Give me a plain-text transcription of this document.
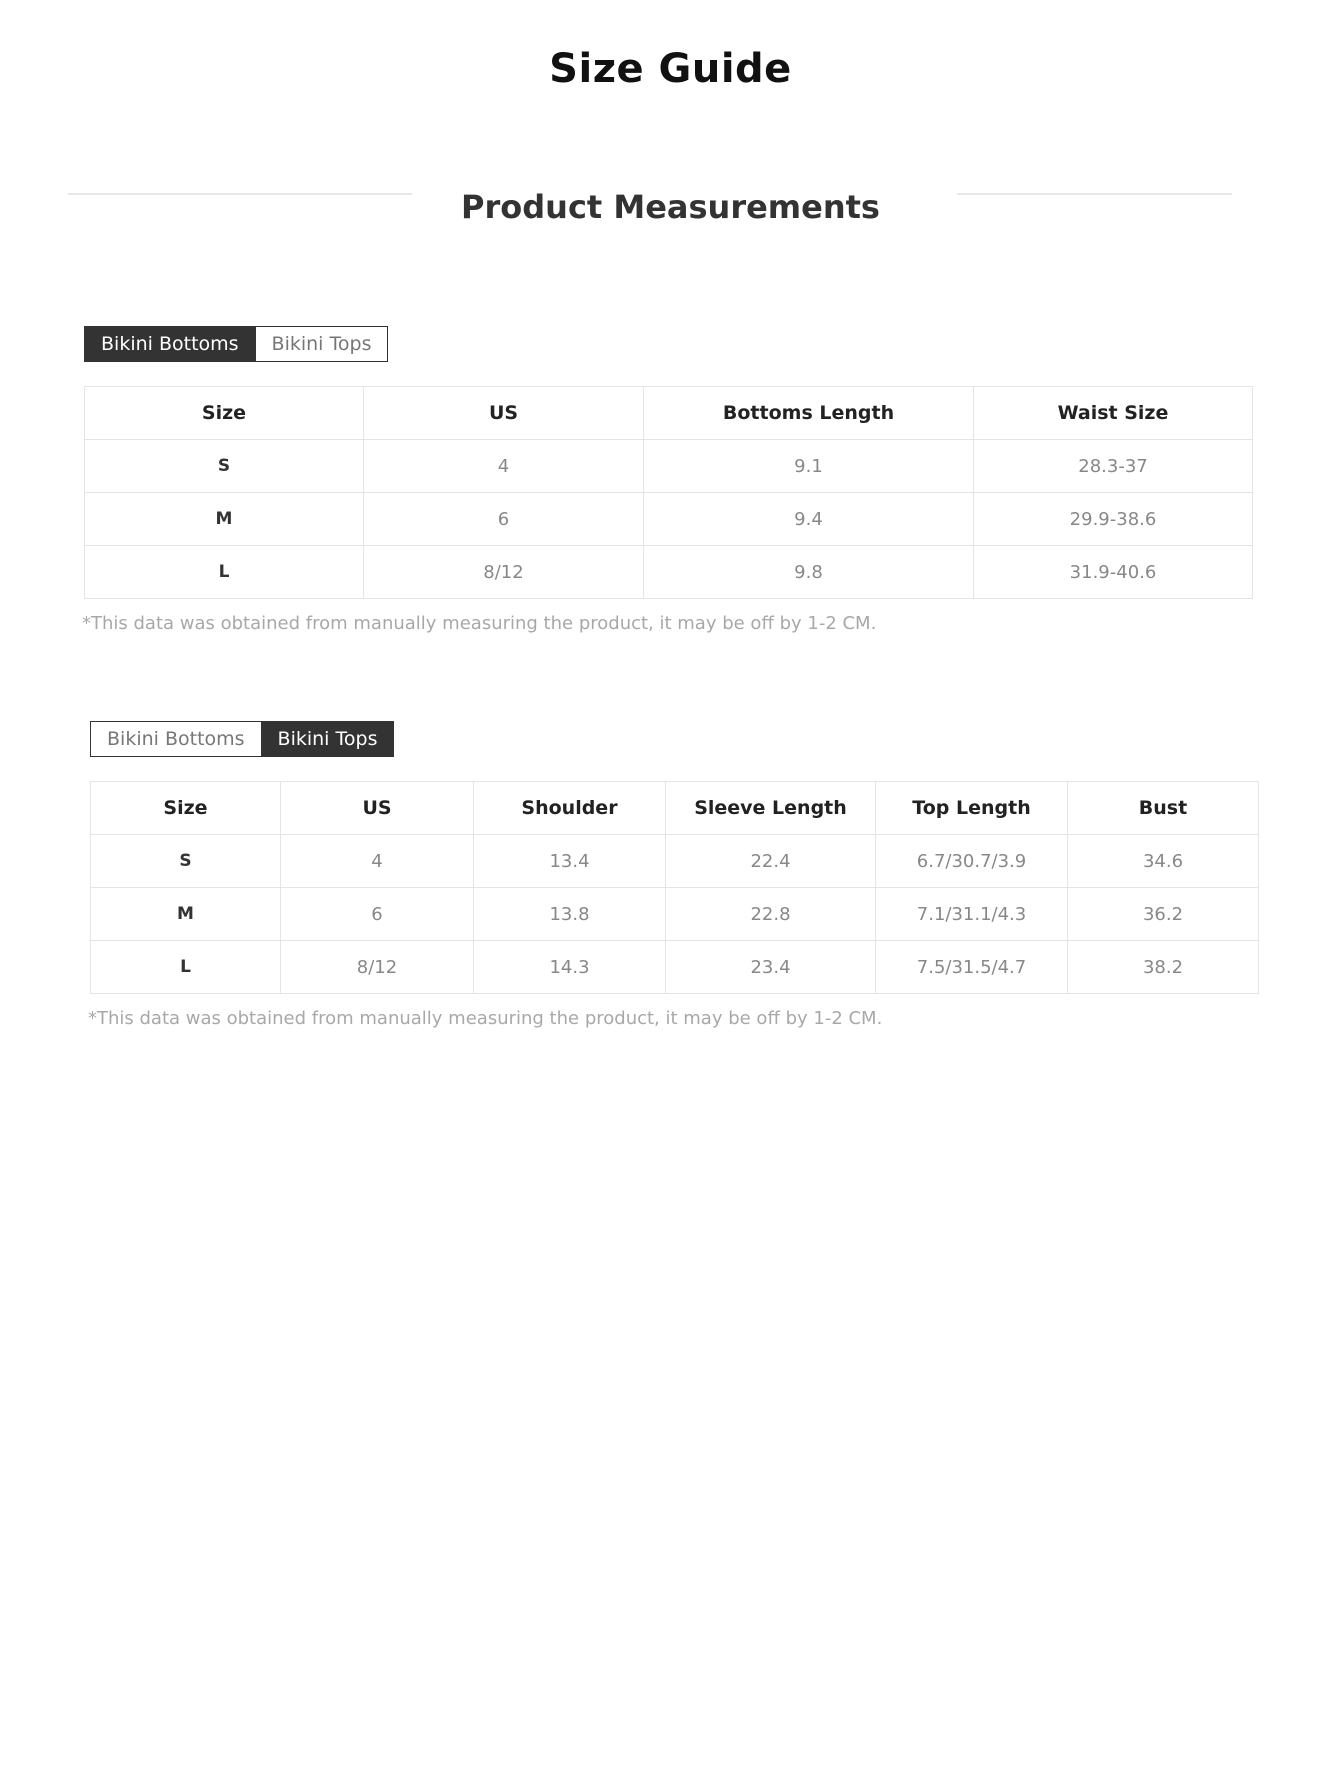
Size Guide
Product Measurements
Bikini Bottoms	Bikini Tops
Size	US	Bottoms Length	Waist Size
S	4	9.1	28.3-37
M	6	9.4	29.9-38.6
L	8/12	9.8	31.9-40.6
*This data was obtained from manually measuring the product, it may be off by 1-2 CM.
Bikini Bottoms	Bikini Tops
Size	US	Shoulder	Sleeve Length	Top Length	Bust
S	4	13.4	22.4	6.7/30.7/3.9	34.6
M	6	13.8	22.8	7.1/31.1/4.3	36.2
L	8/12	14.3	23.4	7.5/31.5/4.7	38.2
*This data was obtained from manually measuring the product, it may be off by 1-2 CM.
